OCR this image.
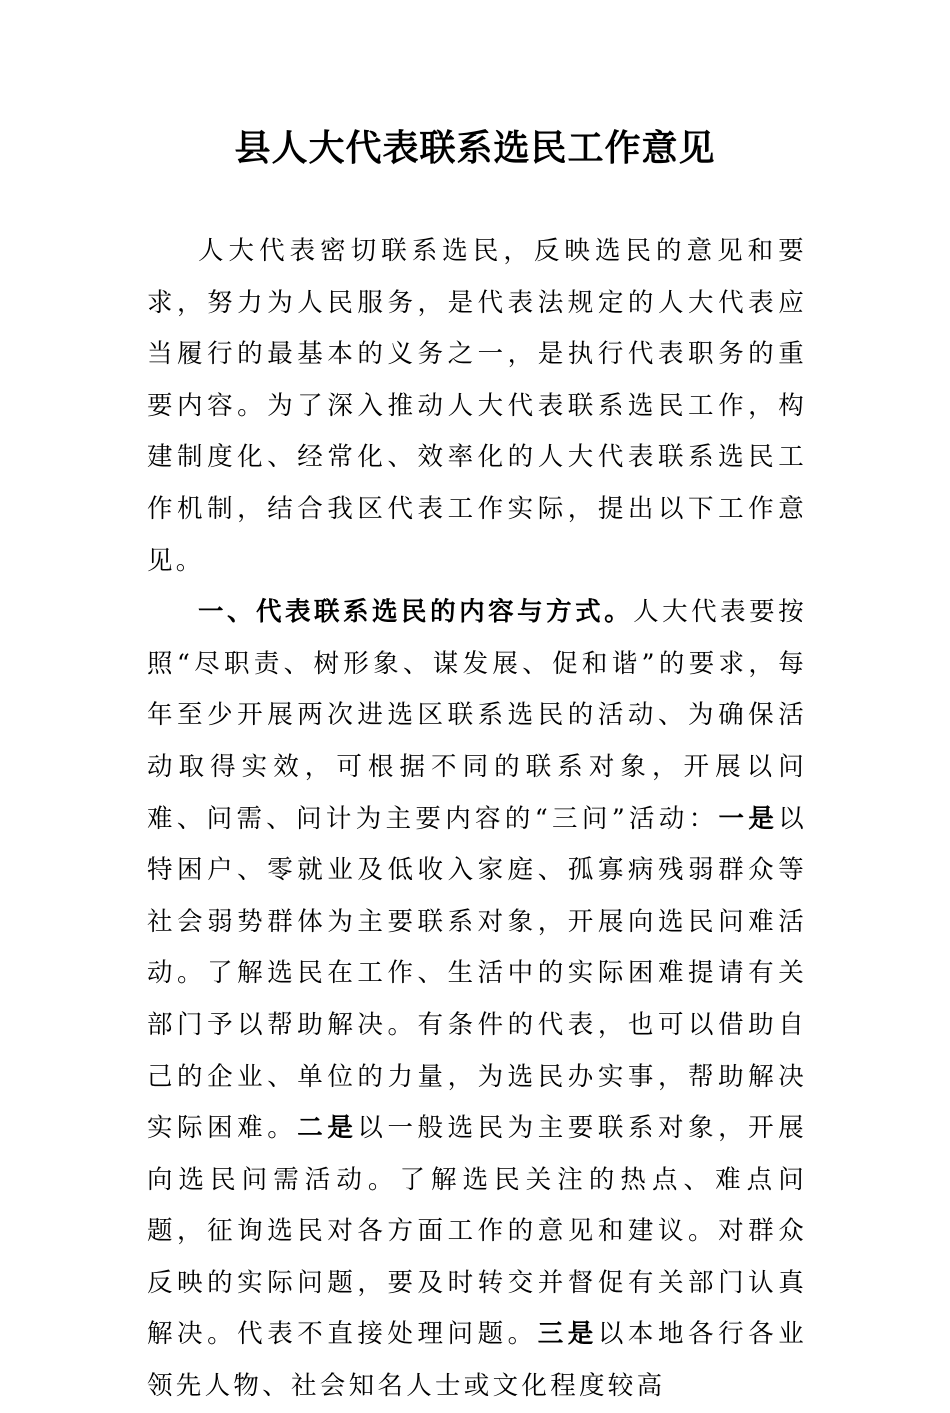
县人大代表联系选民工作意见

人大代表密切联系选民，反映选民的意见和要求，努力为人民服务，是代表法规定的人大代表应当履行的最基本的义务之一，是执行代表职务的重要内容。为了深入推动人大代表联系选民工作，构建制度化、经常化、效率化的人大代表联系选民工作机制，结合我区代表工作实际，提出以下工作意见。

一、代表联系选民的内容与方式。人大代表要按照“尽职责、树形象、谋发展、促和谐”的要求，每年至少开展两次进选区联系选民的活动、为确保活动取得实效，可根据不同的联系对象，开展以问难、问需、问计为主要内容的“三问”活动：一是以特困户、零就业及低收入家庭、孤寡病残弱群众等社会弱势群体为主要联系对象，开展向选民问难活动。了解选民在工作、生活中的实际困难提请有关部门予以帮助解决。有条件的代表，也可以借助自己的企业、单位的力量，为选民办实事，帮助解决实际困难。二是以一般选民为主要联系对象，开展向选民问需活动。了解选民关注的热点、难点问题，征询选民对各方面工作的意见和建议。对群众反映的实际问题，要及时转交并督促有关部门认真解决。代表不直接处理问题。三是以本地各行各业领先人物、社会知名人士或文化程度较高
